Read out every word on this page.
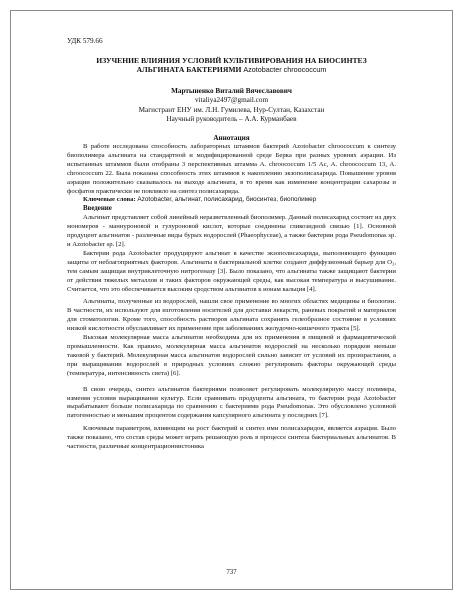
УДК 579.66

ИЗУЧЕНИЕ ВЛИЯНИЯ УСЛОВИЙ КУЛЬТИВИРОВАНИЯ НА БИОСИНТЕЗ
АЛЬГИНАТА БАКТЕРИЯМИ Azotobacter chroococcum

Мартыненко Виталий Вячеславович
vitaliya2497@gmail.com
Магистрант ЕНУ им. Л.Н. Гумилева, Нур-Султан, Казахстан
Научный руководитель – А.А. Курманбаев
Аннотация

В работе исследована способность лабораторных штаммов бактерий Azotobacter chroococcum к синтезу биополимера альгината на стандартной и модифицированной среде Берка при разных уровнях аэрации. Из испытанных штаммов были отобраны 3 перспективных штамма A. chroococcum 1/5 Ac, A. chroococcum 13, A. chroococcum 22. Была показана способность этих штаммов к накоплению экзополисахарида. Повышение уровня аэрации положительно сказывалось на выходе альгината, в то время как изменение концентрации сахарозы и фосфатов практически не повлияло на синтез полисахарида.

Ключевые слова: Azotobacter, альгинат, полисахарид, биосинтез, биополимер

Введение

Альгинат представляет собой линейный неразветвленный биополимер. Данный полисахарид состоит из двух мономеров - маннуроновой и гулуроновой кислот, которые соединены гликозидной связью [1]. Основной продуцент альгинатов - различные виды бурых водорослей (Phaeophyceae), а также бактерии рода Pseudomonas sp. и Azotobacter sp. [2].

Бактерии рода Azotobacter продуцируют альгинат в качестве экзополисахарида, выполняющего функцию защиты от неблагоприятных факторов. Альгинаты в бактериальной клетке создают диффузионный барьер для O₂, тем самым защищая внутриклеточную нитрогеназу [3]. Было показано, что альгинаты также защищают бактерии от действия тяжелых металлов и таких факторов окружающей среды, как высокая температура и высушивание. Считается, что это обеспечивается высоким сродством альгинатов к ионам кальция [4].

Альгинаты, полученные из водорослей, нашли свое применение во многих областях медицины и биологии. В частности, их используют для изготовления носителей для доставки лекарств, раневых покрытий и материалов для стоматологии. Кроме того, способность растворов альгината сохранять гелеобразное состояние в условиях низкой кислотности обуславливает их применение при заболеваниях желудочно-кишечного тракта [5].

Высокая молекулярная масса альгинатов необходима для их применения в пищевой и фармацевтической промышленности. Как правило, молекулярная масса альгинатов водорослей на несколько порядков меньше таковой у бактерий. Молекулярная масса альгинатов водорослей сильно зависит от условий их произрастания, а при выращивании водорослей в природных условиях сложно регулировать факторы окружающей среды (температура, интенсивность света) [6].

В свою очередь, синтез альгинатов бактериями позволяет регулировать молекулярную массу полимера, изменяя условия выращивания культур. Если сравнивать продуценты альгината, то бактерии рода Azotobacter вырабатывают больше полисахарида по сравнению с бактериями рода Pseudomonas. Это обусловлено условной патогенностью и меньшим процентом содержания капсулярного альгината у последних [7].

Ключевым параметром, влияющим на рост бактерий и синтез ими полисахаридов, является аэрация. Было также показано, что состав среды может играть решающую роль в процессе синтеза бактериальных альгинатов. В частности, различные концентрационнистоника

737
